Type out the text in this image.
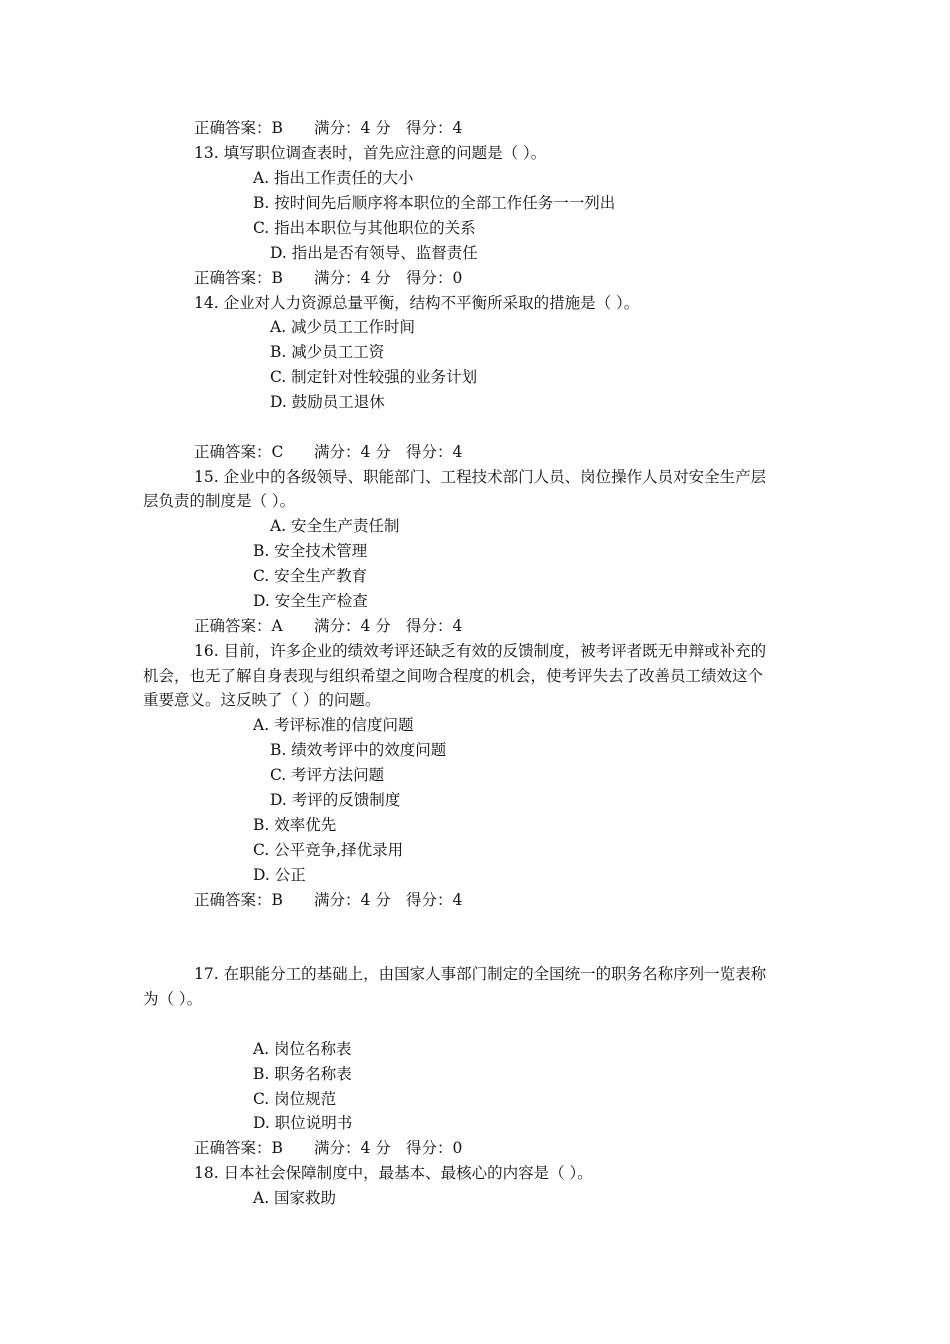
正确答案：B 满分：4 分 得分：4
13. 填写职位调查表时，首先应注意的问题是（ ）。
A. 指出工作责任的大小
B. 按时间先后顺序将本职位的全部工作任务一一列出
C. 指出本职位与其他职位的关系
D. 指出是否有领导、监督责任
正确答案：B 满分：4 分 得分：0
14. 企业对人力资源总量平衡，结构不平衡所采取的措施是（ ）。
A. 减少员工工作时间
B. 减少员工工资
C. 制定针对性较强的业务计划
D. 鼓励员工退休
正确答案：C 满分：4 分 得分：4
15. 企业中的各级领导、职能部门、工程技术部门人员、岗位操作人员对安全生产层
层负责的制度是（ ）。
A. 安全生产责任制
B. 安全技术管理
C. 安全生产教育
D. 安全生产检查
正确答案：A 满分：4 分 得分：4
16. 目前，许多企业的绩效考评还缺乏有效的反馈制度，被考评者既无申辩或补充的
机会，也无了解自身表现与组织希望之间吻合程度的机会，使考评失去了改善员工绩效这个
重要意义。这反映了（ ）的问题。
A. 考评标准的信度问题
B. 绩效考评中的效度问题
C. 考评方法问题
D. 考评的反馈制度
B. 效率优先
C. 公平竞争,择优录用
D. 公正
正确答案：B 满分：4 分 得分：4
17. 在职能分工的基础上，由国家人事部门制定的全国统一的职务名称序列一览表称
为（ ）。
A. 岗位名称表
B. 职务名称表
C. 岗位规范
D. 职位说明书
正确答案：B 满分：4 分 得分：0
18. 日本社会保障制度中，最基本、最核心的内容是（ ）。
A. 国家救助
